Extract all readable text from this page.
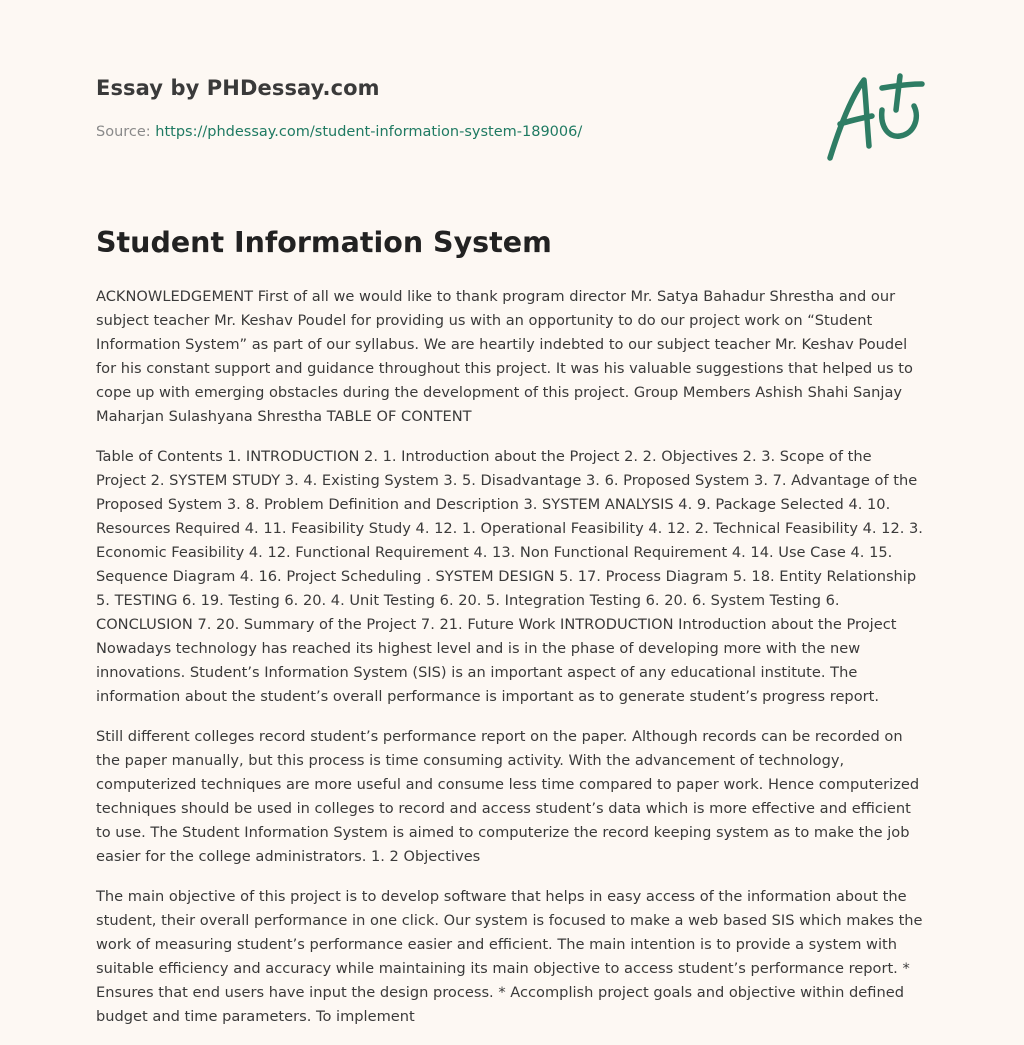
Essay by PHDessay.com
Source: https://phdessay.com/student-information-system-189006/
Student Information System

ACKNOWLEDGEMENT First of all we would like to thank program director Mr. Satya Bahadur Shrestha and our subject teacher Mr. Keshav Poudel for providing us with an opportunity to do our project work on “Student Information System” as part of our syllabus. We are heartily indebted to our subject teacher Mr. Keshav Poudel for his constant support and guidance throughout this project. It was his valuable suggestions that helped us to cope up with emerging obstacles during the development of this project. Group Members Ashish Shahi Sanjay Maharjan Sulashyana Shrestha TABLE OF CONTENT

Table of Contents 1. INTRODUCTION 2. 1. Introduction about the Project 2. 2. Objectives 2. 3. Scope of the Project 2. SYSTEM STUDY 3. 4. Existing System 3. 5. Disadvantage 3. 6. Proposed System 3. 7. Advantage of the Proposed System 3. 8. Problem Definition and Description 3. SYSTEM ANALYSIS 4. 9. Package Selected 4. 10. Resources Required 4. 11. Feasibility Study 4. 12. 1. Operational Feasibility 4. 12. 2. Technical Feasibility 4. 12. 3. Economic Feasibility 4. 12. Functional Requirement 4. 13. Non Functional Requirement 4. 14. Use Case 4. 15. Sequence Diagram 4. 16. Project Scheduling . SYSTEM DESIGN 5. 17. Process Diagram 5. 18. Entity Relationship 5. TESTING 6. 19. Testing 6. 20. 4. Unit Testing 6. 20. 5. Integration Testing 6. 20. 6. System Testing 6. CONCLUSION 7. 20. Summary of the Project 7. 21. Future Work INTRODUCTION Introduction about the Project Nowadays technology has reached its highest level and is in the phase of developing more with the new innovations. Student’s Information System (SIS) is an important aspect of any educational institute. The information about the student’s overall performance is important as to generate student’s progress report.

Still different colleges record student’s performance report on the paper. Although records can be recorded on the paper manually, but this process is time consuming activity. With the advancement of technology, computerized techniques are more useful and consume less time compared to paper work. Hence computerized techniques should be used in colleges to record and access student’s data which is more effective and efficient to use. The Student Information System is aimed to computerize the record keeping system as to make the job easier for the college administrators. 1. 2 Objectives

The main objective of this project is to develop software that helps in easy access of the information about the student, their overall performance in one click. Our system is focused to make a web based SIS which makes the work of measuring student’s performance easier and efficient. The main intention is to provide a system with suitable efficiency and accuracy while maintaining its main objective to access student’s performance report. * Ensures that end users have input the design process. * Accomplish project goals and objective within defined budget and time parameters. To implement
